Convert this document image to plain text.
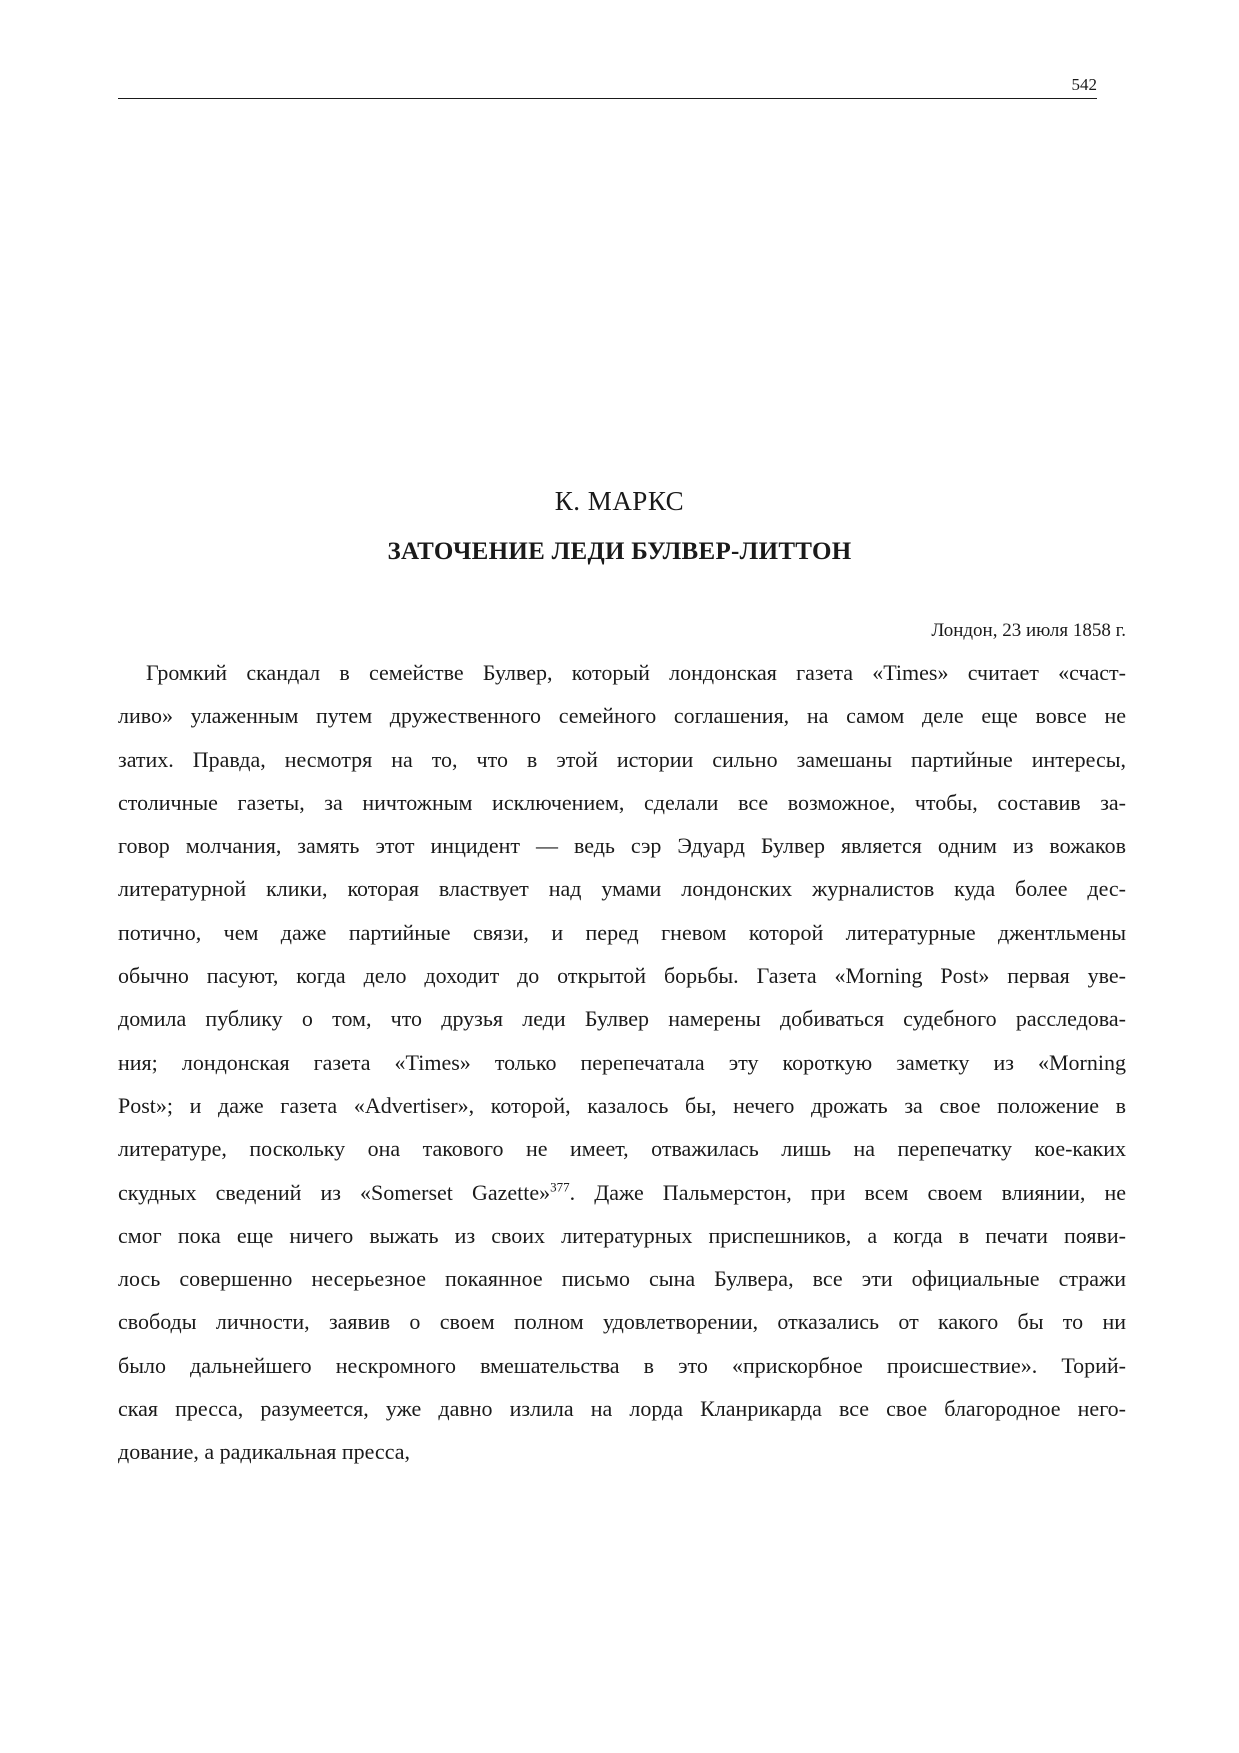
542
К. МАРКС
ЗАТОЧЕНИЕ ЛЕДИ БУЛВЕР-ЛИТТОН
Лондон, 23 июля 1858 г.
Громкий скандал в семействе Булвер, который лондонская газета «Times» считает «счаст-
ливо» улаженным путем дружественного семейного соглашения, на самом деле еще вовсе не
затих. Правда, несмотря на то, что в этой истории сильно замешаны партийные интересы,
столичные газеты, за ничтожным исключением, сделали все возможное, чтобы, составив за-
говор молчания, замять этот инцидент — ведь сэр Эдуард Булвер является одним из вожаков
литературной клики, которая властвует над умами лондонских журналистов куда более дес-
потично, чем даже партийные связи, и перед гневом которой литературные джентльмены
обычно пасуют, когда дело доходит до открытой борьбы. Газета «Morning Post» первая уве-
домила публику о том, что друзья леди Булвер намерены добиваться судебного расследова-
ния; лондонская газета «Times» только перепечатала эту короткую заметку из «Morning
Post»; и даже газета «Advertiser», которой, казалось бы, нечего дрожать за свое положение в
литературе, поскольку она такового не имеет, отважилась лишь на перепечатку кое-каких
скудных сведений из «Somerset Gazette»$^{377}$. Даже Пальмерстон, при всем своем влиянии, не
смог пока еще ничего выжать из своих литературных приспешников, а когда в печати появи-
лось совершенно несерьезное покаянное письмо сына Булвера, все эти официальные стражи
свободы личности, заявив о своем полном удовлетворении, отказались от какого бы то ни
было дальнейшего нескромного вмешательства в это «прискорбное происшествие». Торий-
ская пресса, разумеется, уже давно излила на лорда Кланрикарда все свое благородное него-
дование, а радикальная пресса,
